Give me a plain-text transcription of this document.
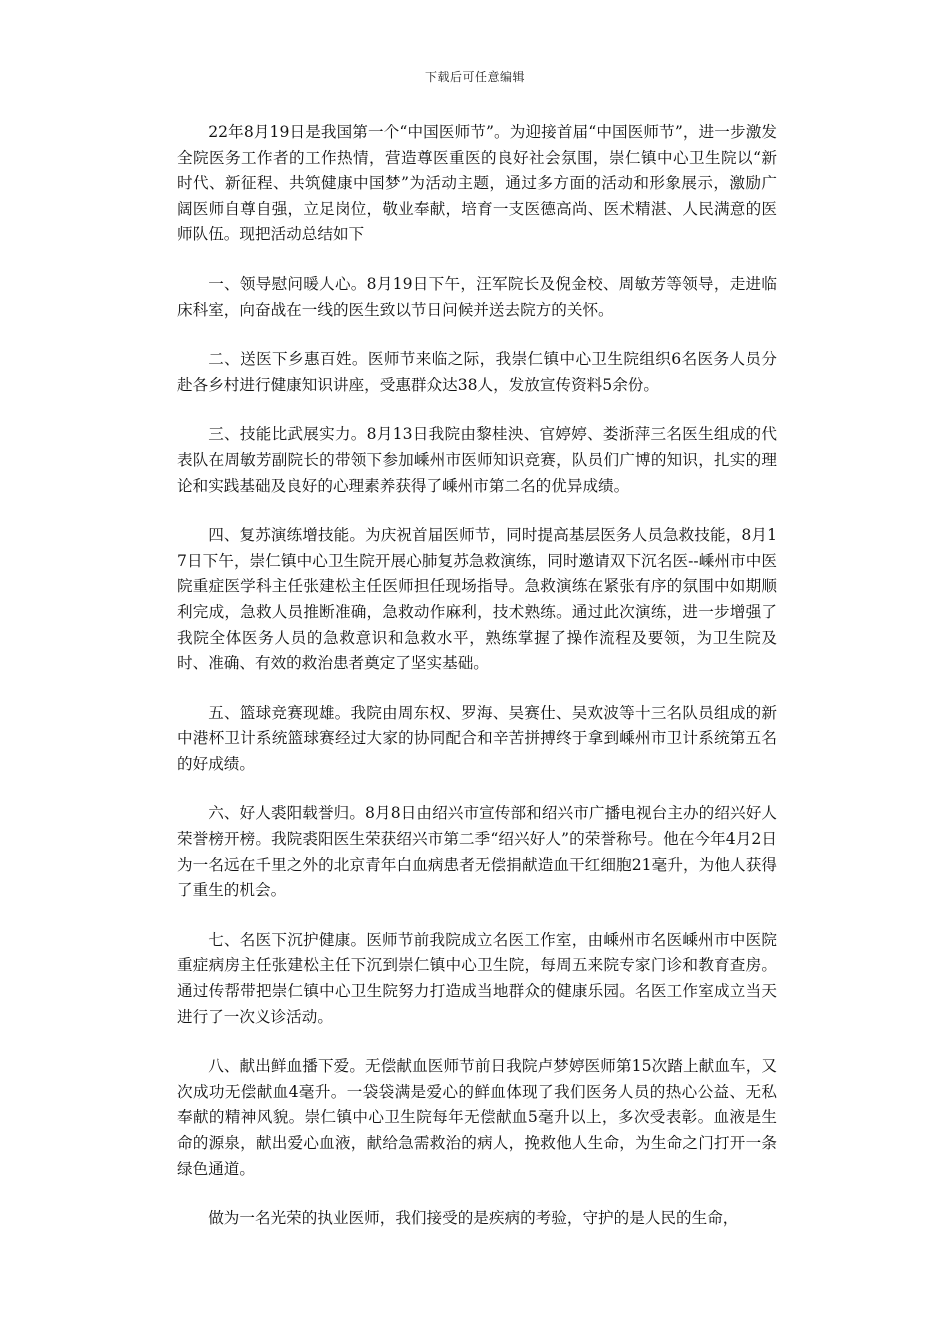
下载后可任意编辑

22年8月19日是我国第一个“中国医师节”。为迎接首届“中国医师节”，进一步激发全院医务工作者的工作热情，营造尊医重医的良好社会氛围，崇仁镇中心卫生院以“新时代、新征程、共筑健康中国梦”为活动主题，通过多方面的活动和形象展示，激励广阔医师自尊自强，立足岗位，敬业奉献，培育一支医德高尚、医术精湛、人民满意的医师队伍。现把活动总结如下

一、领导慰问暖人心。8月19日下午，汪军院长及倪金校、周敏芳等领导，走进临床科室，向奋战在一线的医生致以节日问候并送去院方的关怀。

二、送医下乡惠百姓。医师节来临之际，我崇仁镇中心卫生院组织6名医务人员分赴各乡村进行健康知识讲座，受惠群众达38人，发放宣传资料5余份。

三、技能比武展实力。8月13日我院由黎桂泱、官婷婷、娄浙萍三名医生组成的代表队在周敏芳副院长的带领下参加嵊州市医师知识竞赛，队员们广博的知识，扎实的理论和实践基础及良好的心理素养获得了嵊州市第二名的优异成绩。

四、复苏演练增技能。为庆祝首届医师节，同时提高基层医务人员急救技能，8月17日下午，崇仁镇中心卫生院开展心肺复苏急救演练，同时邀请双下沉名医--嵊州市中医院重症医学科主任张建松主任医师担任现场指导。急救演练在紧张有序的氛围中如期顺利完成，急救人员推断准确，急救动作麻利，技术熟练。通过此次演练，进一步增强了我院全体医务人员的急救意识和急救水平，熟练掌握了操作流程及要领，为卫生院及时、准确、有效的救治患者奠定了坚实基础。

五、篮球竞赛现雄。我院由周东权、罗海、吴赛仕、吴欢波等十三名队员组成的新中港杯卫计系统篮球赛经过大家的协同配合和辛苦拼搏终于拿到嵊州市卫计系统第五名的好成绩。

六、好人裘阳载誉归。8月8日由绍兴市宣传部和绍兴市广播电视台主办的绍兴好人荣誉榜开榜。我院裘阳医生荣获绍兴市第二季“绍兴好人”的荣誉称号。他在今年4月2日为一名远在千里之外的北京青年白血病患者无偿捐献造血干红细胞21毫升，为他人获得了重生的机会。

七、名医下沉护健康。医师节前我院成立名医工作室，由嵊州市名医嵊州市中医院重症病房主任张建松主任下沉到崇仁镇中心卫生院，每周五来院专家门诊和教育查房。通过传帮带把崇仁镇中心卫生院努力打造成当地群众的健康乐园。名医工作室成立当天进行了一次义诊活动。

八、献出鲜血播下爱。无偿献血医师节前日我院卢梦婷医师第15次踏上献血车，又次成功无偿献血4毫升。一袋袋满是爱心的鲜血体现了我们医务人员的热心公益、无私奉献的精神风貌。崇仁镇中心卫生院每年无偿献血5毫升以上，多次受表彰。血液是生命的源泉，献出爱心血液，献给急需救治的病人，挽救他人生命，为生命之门打开一条绿色通道。

做为一名光荣的执业医师，我们接受的是疾病的考验，守护的是人民的生命，
